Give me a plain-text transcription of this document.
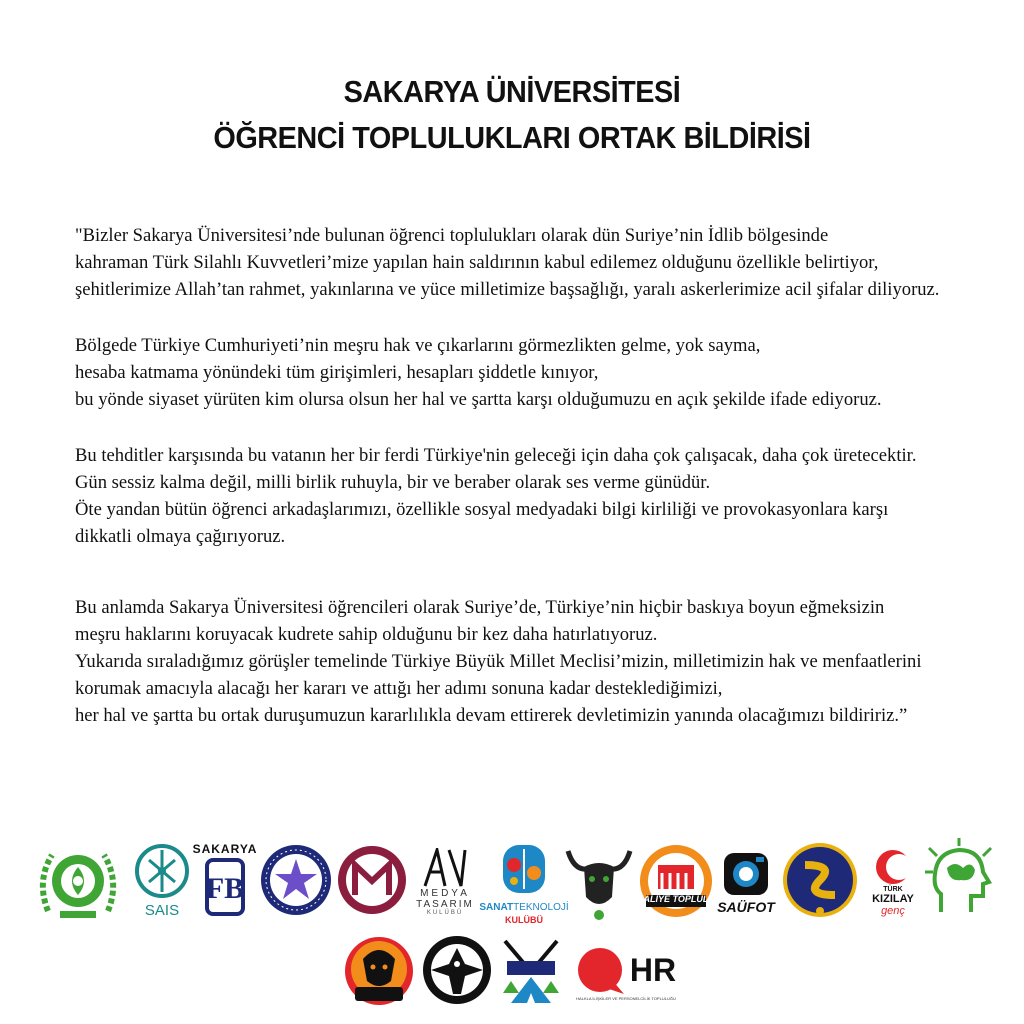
SAKARYA ÜNİVERSİTESİ
ÖĞRENCİ TOPLULUKLARI ORTAK BİLDİRİSİ

"Bizler Sakarya Üniversitesi’nde bulunan öğrenci toplulukları olarak dün Suriye’nin İdlib bölgesinde
kahraman Türk Silahlı Kuvvetleri’mize yapılan hain saldırının kabul edilemez olduğunu özellikle belirtiyor,
şehitlerimize Allah’tan rahmet, yakınlarına ve yüce milletimize başsağlığı, yaralı askerlerimize acil şifalar diliyoruz.

Bölgede Türkiye Cumhuriyeti’nin meşru hak ve çıkarlarını görmezlikten gelme, yok sayma,
hesaba katmama yönündeki tüm girişimleri, hesapları şiddetle kınıyor,
bu yönde siyaset yürüten kim olursa olsun her hal ve şartta karşı olduğumuzu en açık şekilde ifade ediyoruz.

Bu tehditler karşısında bu vatanın her bir ferdi Türkiye'nin geleceği için daha çok çalışacak, daha çok üretecektir.
Gün sessiz kalma değil, milli birlik ruhuyla, bir ve beraber olarak ses verme günüdür.
Öte yandan bütün öğrenci arkadaşlarımızı, özellikle sosyal medyadaki bilgi kirliliği ve provokasyonlara karşı
dikkatli olmaya çağırıyoruz.

Bu anlamda Sakarya Üniversitesi öğrencileri olarak Suriye’de, Türkiye’nin hiçbir baskıya boyun eğmeksizin
meşru haklarını koruyacak kudrete sahip olduğunu bir kez daha hatırlatıyoruz.
Yukarıda sıraladığımız görüşler temelinde Türkiye Büyük Millet Meclisi’mizin, milletimizin hak ve menfaatlerini
korumak amacıyla alacağı her kararı ve attığı her adımı sonuna kadar desteklediğimizi,
her hal ve şartta bu ortak duruşumuzun kararlılıkla devam ettirerek devletimizin yanında olacağımızı bildiririz.”

SAIS
SAKARYA
FB	MEDYA
TASARIM
KULÜBÜ SANATTEKNOLOJİ
KULÜBÜ
MALİYE TOPLULUĞU
SAÜFOT
TÜRK
KIZILAY
genç
HR
HALKLA İLİŞKİLER VE PERSONELCİLİK TOPLULUĞU
